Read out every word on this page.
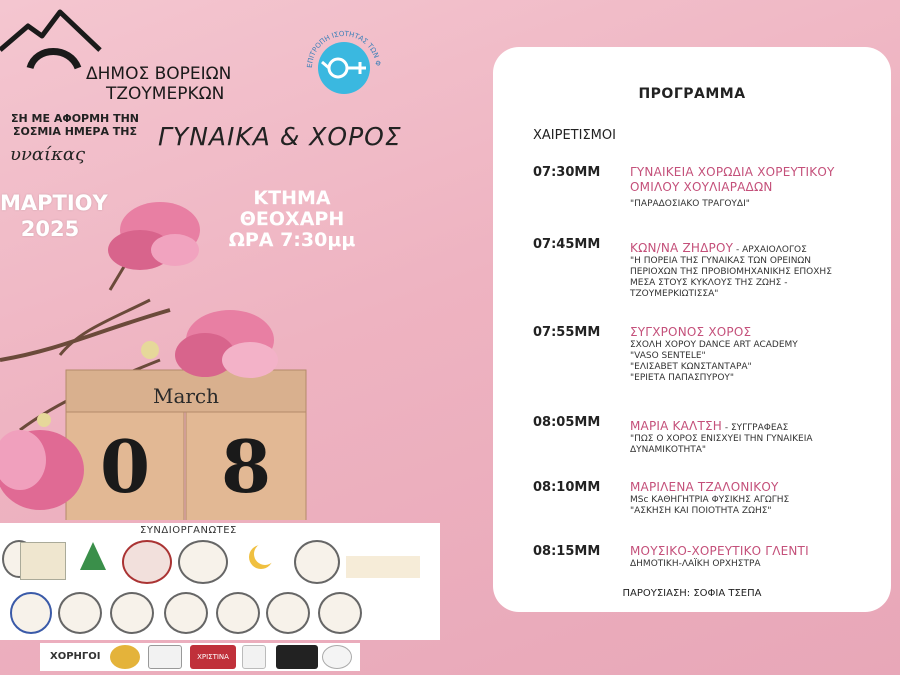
ΔΗΜΟΣ ΒΟΡΕΙΩΝ
ΤΖΟΥΜΕΡΚΩΝ
ΕΠΙΤΡΟΠΗ ΙΣΟΤΗΤΑΣ ΤΩΝ Φ
ΣΗ ΜΕ ΑΦΟΡΜΗ ΤΗΝ
ΣΟΣΜΙΑ ΗΜΕΡΑ ΤΗΣ
υναίκας
ΓΥΝΑΙΚΑ & ΧΟΡΟΣ
ΜΑΡΤΙΟΥ
2025
ΚΤΗΜΑ
ΘΕΟΧΑΡΗ
ΩΡΑ 7:30μμ
March
0 8
ΣΥΝΔΙΟΡΓΑΝΩΤΕΣ
ΧΟΡΗΓΟΙ	ΧΡΙΣΤΙΝΑ
ΠΡΟΓΡΑΜΜΑ
ΧΑΙΡΕΤΙΣΜΟΙ
07:30ΜΜ ΓΥΝΑΙΚΕΙΑ ΧΟΡΩΔΙΑ ΧΟΡΕΥΤΙΚΟΥ
ΟΜΙΛΟΥ ΧΟΥΛΙΑΡΑΔΩΝ
"ΠΑΡΑΔΟΣΙΑΚΟ ΤΡΑΓΟΥΔΙ"
07:45ΜΜ ΚΩΝ/ΝΑ ΖΗΔΡΟΥ - ΑΡΧΑΙΟΛΟΓΟΣ
"Η ΠΟΡΕΙΑ ΤΗΣ ΓΥΝΑΙΚΑΣ ΤΩΝ ΟΡΕΙΝΩΝ
ΠΕΡΙΟΧΩΝ ΤΗΣ ΠΡΟΒΙΟΜΗΧΑΝΙΚΗΣ ΕΠΟΧΗΣ
ΜΕΣΑ ΣΤΟΥΣ ΚΥΚΛΟΥΣ ΤΗΣ ΖΩΗΣ -
ΤΖΟΥΜΕΡΚΙΩΤΙΣΣΑ"
07:55ΜΜ ΣΥΓΧΡΟΝΟΣ ΧΟΡΟΣ
ΣΧΟΛΗ ΧΟΡΟΥ DANCE ART ACADEMY
"VASO SENTELE"
"ΕΛΙΣΑΒΕΤ ΚΩΝΣΤΑΝΤΑΡΑ"
"ΕΡΙΕΤΑ ΠΑΠΑΣΠΥΡΟΥ"
08:05ΜΜ ΜΑΡΙΑ ΚΑΛΤΣΗ - ΣΥΓΓΡΑΦΕΑΣ
"ΠΩΣ Ο ΧΟΡΟΣ ΕΝΙΣΧΥΕΙ ΤΗΝ ΓΥΝΑΙΚΕΙΑ
ΔΥΝΑΜΙΚΟΤΗΤΑ"
08:10ΜΜ ΜΑΡΙΛΕΝΑ ΤΖΑΛΟΝΙΚΟΥ
MSc ΚΑΘΗΓΗΤΡΙΑ ΦΥΣΙΚΗΣ ΑΓΩΓΗΣ
"ΑΣΚΗΣΗ ΚΑΙ ΠΟΙΟΤΗΤΑ ΖΩΗΣ"
08:15ΜΜ ΜΟΥΣΙΚΟ-ΧΟΡΕΥΤΙΚΟ ΓΛΕΝΤΙ
ΔΗΜΟΤΙΚΗ-ΛΑΪΚΗ ΟΡΧΗΣΤΡΑ
ΠΑΡΟΥΣΙΑΣΗ: ΣΟΦΙΑ ΤΣΕΠΑ
